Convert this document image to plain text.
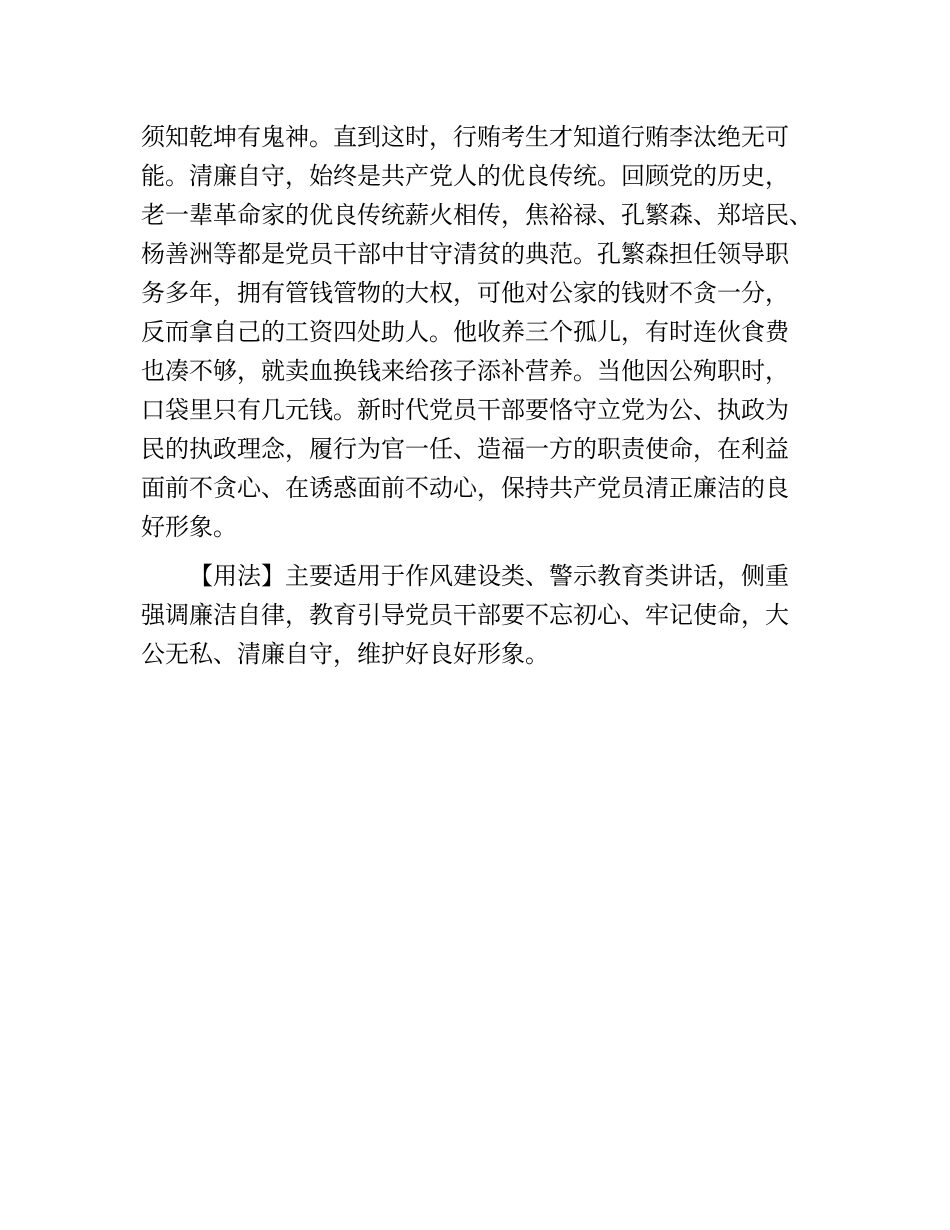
须知乾坤有鬼神。直到这时，行贿考生才知道行贿李汰绝无可
能。清廉自守，始终是共产党人的优良传统。回顾党的历史，
老一辈革命家的优良传统薪火相传，焦裕禄、孔繁森、郑培民、
杨善洲等都是党员干部中甘守清贫的典范。孔繁森担任领导职
务多年，拥有管钱管物的大权，可他对公家的钱财不贪一分，
反而拿自己的工资四处助人。他收养三个孤儿，有时连伙食费
也凑不够，就卖血换钱来给孩子添补营养。当他因公殉职时，
口袋里只有几元钱。新时代党员干部要恪守立党为公、执政为
民的执政理念，履行为官一任、造福一方的职责使命，在利益
面前不贪心、在诱惑面前不动心，保持共产党员清正廉洁的良
好形象。
【用法】主要适用于作风建设类、警示教育类讲话，侧重
强调廉洁自律，教育引导党员干部要不忘初心、牢记使命，大
公无私、清廉自守，维护好良好形象。
